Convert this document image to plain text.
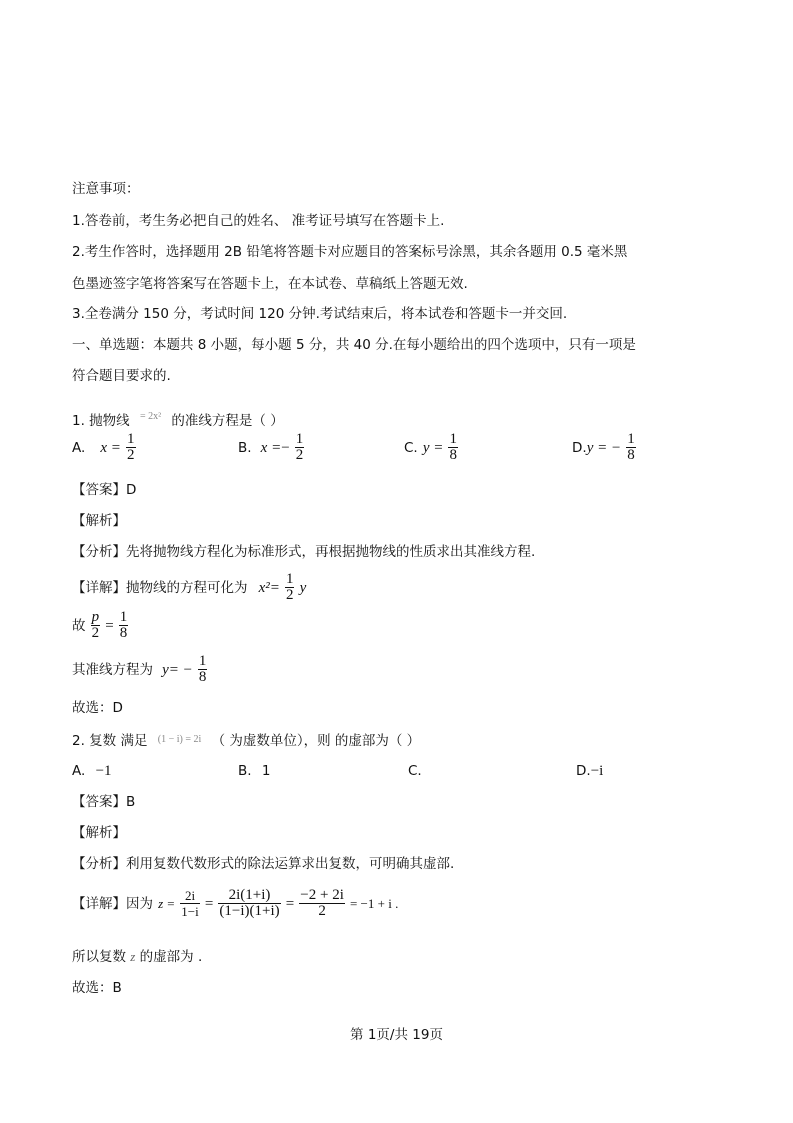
注意事项：
1.答卷前，考生务必把自己的姓名、 准考证号填写在答题卡上.
2.考生作答时，选择题用 2B 铅笔将答题卡对应题目的答案标号涂黑，其余各题用 0.5 毫米黑
色墨迹签字笔将答案写在答题卡上，在本试卷、草稿纸上答题无效.
3.全卷满分 150 分，考试时间 120 分钟.考试结束后，将本试卷和答题卡一并交回.
一、单选题：本题共 8 小题，每小题 5 分，共 40 分.在每小题给出的四个选项中，只有一项是
符合题目要求的.
1. 抛物线 $^{= 2x^2}$ 的准线方程是（ ）
A. $x = \frac{1}{2}$	B. $x =- \frac{1}{2}$	C. $y = \frac{1}{8}$	D.y = − $\frac{1}{8}$
【答案】D
【解析】
【分析】先将抛物线方程化为标准形式，再根据抛物线的性质求出其准线方程.
【详解】抛物线的方程可化为 $x^2= \frac{1}{2}$ y
故 $\frac{p}{2} = \frac{1}{8}$
其准线方程为 $y= - \frac{1}{8}$
故选：D
2. 复数 满足 $^{(1 - i) = 2i}$ （ 为虚数单位），则 的虚部为（ ）
A. −1	B. 1	C.	D.−i
【答案】B
【解析】
【分析】利用复数代数形式的除法运算求出复数，可明确其虚部.
【详解】因为 $z = \frac{2i}{1-i} = \frac{2i(1+i)}{(1-i)(1+i)} = \frac{-2 + 2i}{2} = -1 + i$ .
所以复数 z 的虚部为 .
故选：B
第 1页/共 19页
